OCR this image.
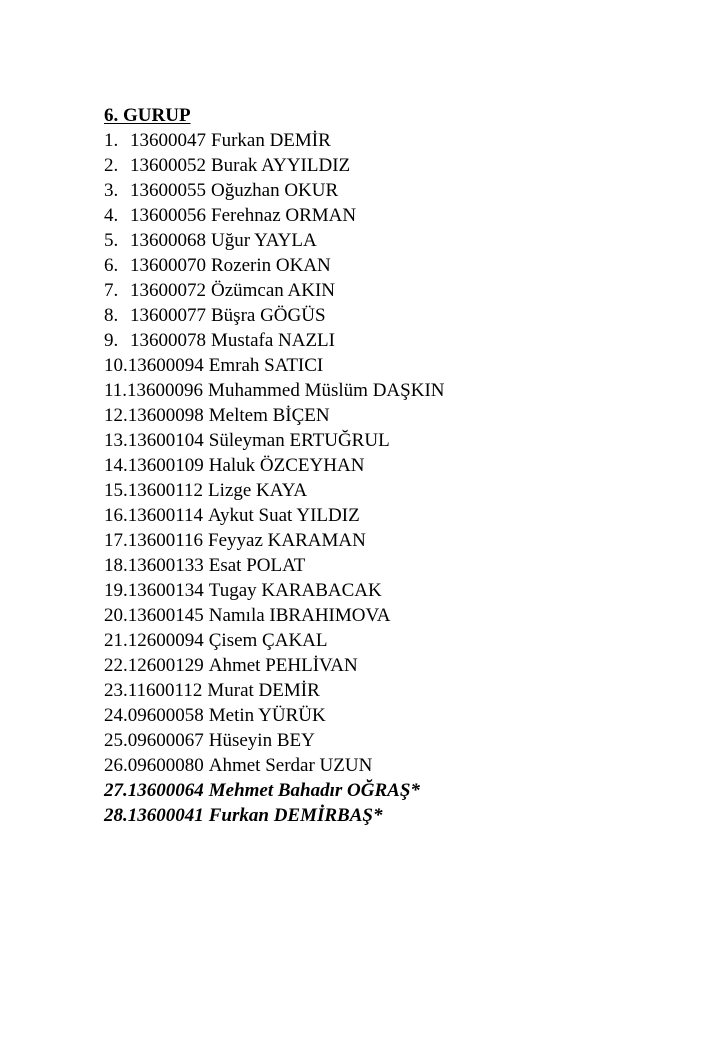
6. GURUP
1. 13600047 Furkan DEMİR
2. 13600052 Burak AYYILDIZ
3. 13600055 Oğuzhan OKUR
4. 13600056 Ferehnaz ORMAN
5. 13600068 Uğur YAYLA
6. 13600070 Rozerin OKAN
7. 13600072 Özümcan AKIN
8. 13600077 Büşra GÖGÜS
9. 13600078 Mustafa NAZLI
10. 13600094 Emrah SATICI
11. 13600096 Muhammed Müslüm DAŞKIN
12. 13600098 Meltem BİÇEN
13. 13600104 Süleyman ERTUĞRUL
14. 13600109 Haluk ÖZCEYHAN
15. 13600112 Lizge KAYA
16. 13600114 Aykut Suat YILDIZ
17. 13600116 Feyyaz KARAMAN
18. 13600133 Esat POLAT
19. 13600134 Tugay KARABACAK
20. 13600145 Namıla IBRAHIMOVA
21. 12600094 Çisem ÇAKAL
22. 12600129 Ahmet PEHLİVAN
23. 11600112 Murat DEMİR
24. 09600058 Metin YÜRÜK
25. 09600067 Hüseyin BEY
26. 09600080 Ahmet Serdar UZUN
27. 13600064 Mehmet Bahadır OĞRAŞ*
28. 13600041 Furkan DEMİRBAŞ*
